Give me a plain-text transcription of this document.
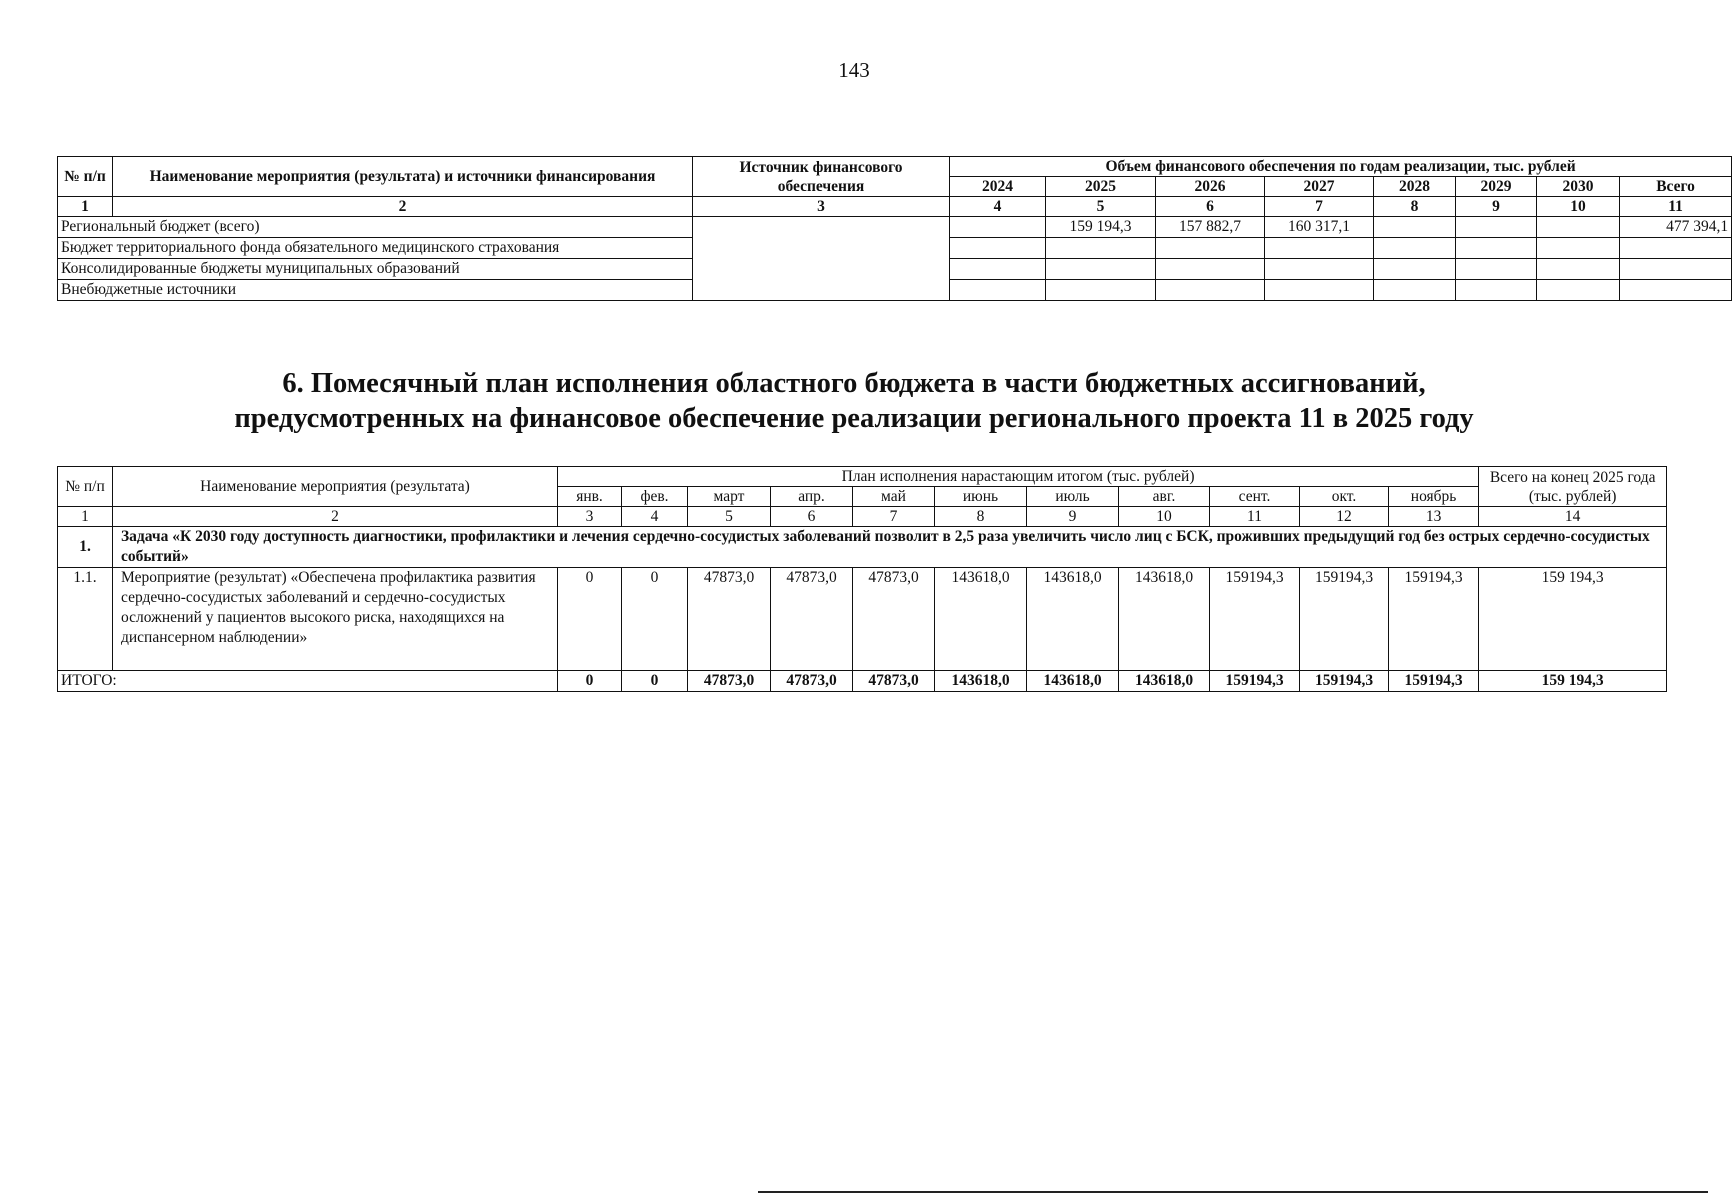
143
№ п/п	Наименование мероприятия (результата) и источники финансирования	Источник финансового обеспечения	Объем финансового обеспечения по годам реализации, тыс. рублей							
			2024	2025	2026	2027	2028	2029	2030	Всего
1	2	3	4	5	6	7	8	9	10	11
Региональный бюджет (всего)				159 194,3	157 882,7	160 317,1				477 394,1
Бюджет территориального фонда обязательного медицинского страхования										
Консолидированные бюджеты муниципальных образований										
Внебюджетные источники										
6. Помесячный план исполнения областного бюджета в части бюджетных ассигнований,
предусмотренных на финансовое обеспечение реализации регионального проекта 11 в 2025 году
№ п/п	Наименование мероприятия (результата)	План исполнения нарастающим итогом (тыс. рублей)											Всего на конец 2025 года (тыс. рублей)
		янв.	фев.	март	апр.	май	июнь	июль	авг.	сент.	окт.	ноябрь	
1	2	3	4	5	6	7	8	9	10	11	12	13	14
1.	Задача «К 2030 году доступность диагностики, профилактики и лечения сердечно-сосудистых заболеваний позволит в 2,5 раза увеличить число лиц с БСК, проживших предыдущий год без острых сердечно-сосудистых событий»												
1.1.	Мероприятие (результат) «Обеспечена профилактика развития сердечно-сосудистых заболеваний и сердечно-сосудистых осложнений у пациентов высокого риска, находящихся на диспансерном наблюдении»	0	0	47873,0	47873,0	47873,0	143618,0	143618,0	143618,0	159194,3	159194,3	159194,3	159 194,3
ИТОГО:		0	0	47873,0	47873,0	47873,0	143618,0	143618,0	143618,0	159194,3	159194,3	159194,3	159 194,3
